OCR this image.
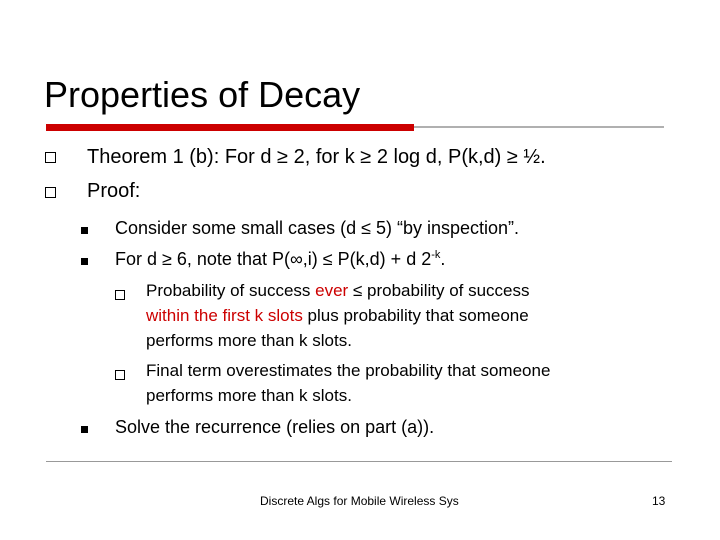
Properties of Decay
Theorem 1 (b): For d ≥ 2, for k ≥ 2 log d, P(k,d) ≥ ½.
Proof:
Consider some small cases (d ≤ 5) “by inspection”.
For d ≥ 6, note that P(∞,i) ≤ P(k,d) + d $2^{-k}$.
Probability of success ever ≤ probability of success
within the first k slots plus probability that someone
performs more than k slots.
Final term overestimates the probability that someone
performs more than k slots.
Solve the recurrence (relies on part (a)).
Discrete Algs for Mobile Wireless Sys	13
